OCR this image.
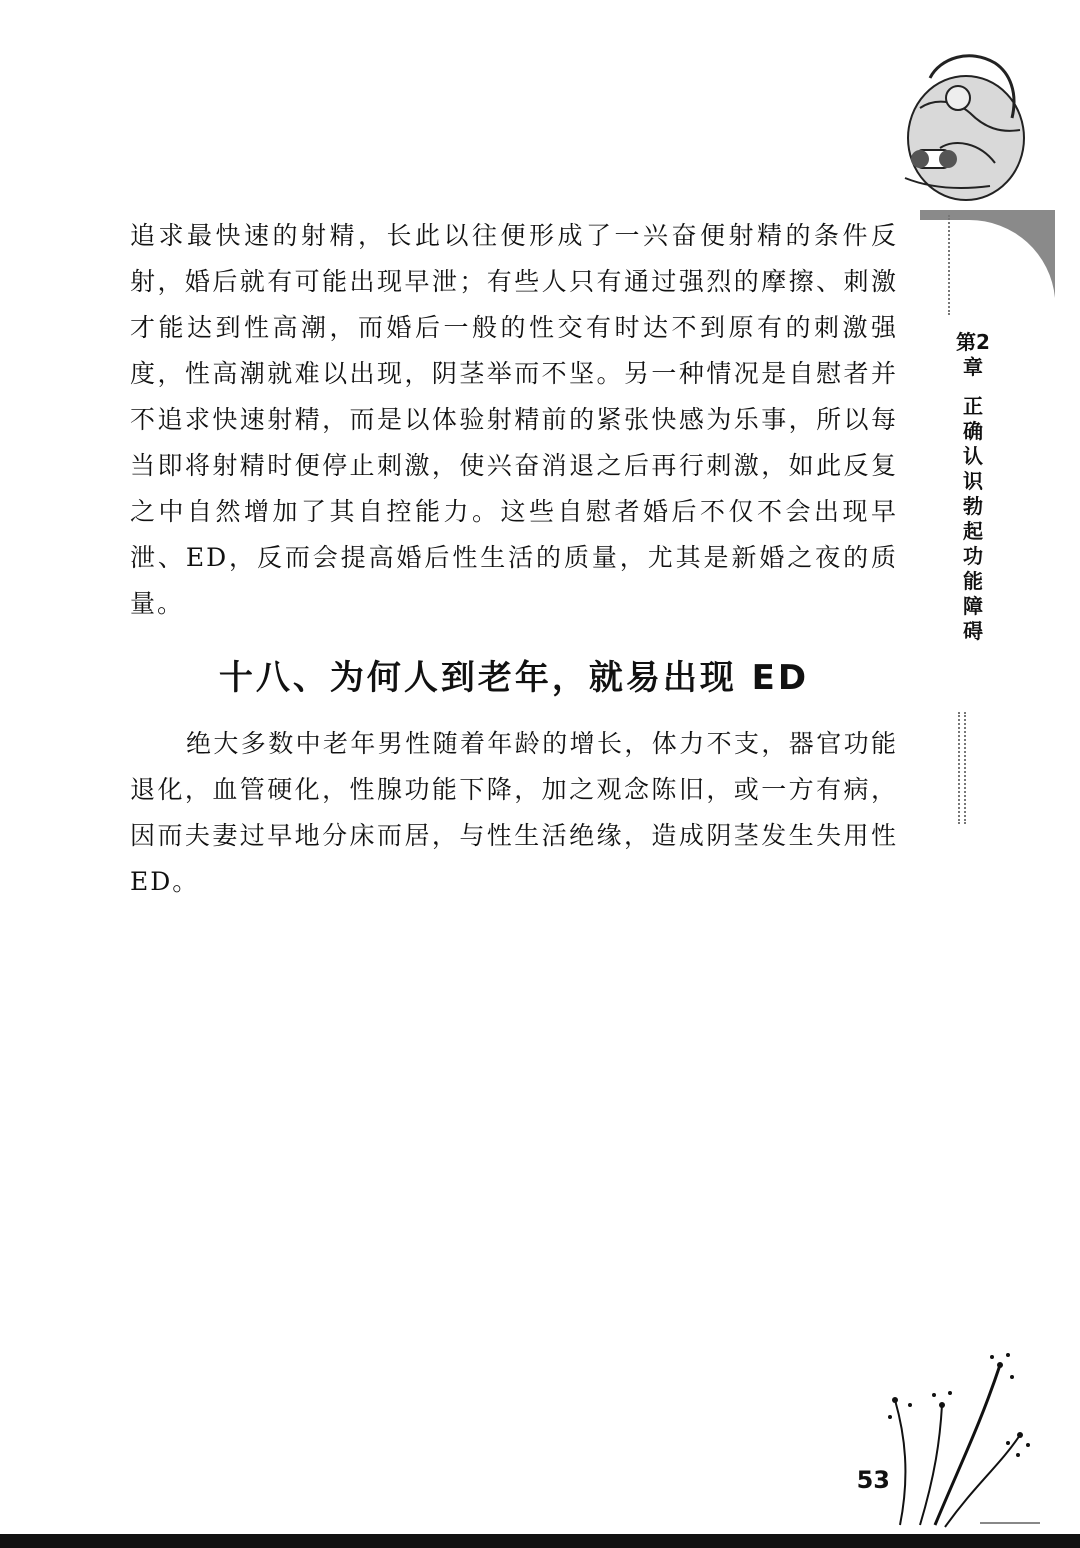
第2章
正确认识勃起功能障碍

追求最快速的射精，长此以往便形成了一兴奋便射精的条件反射，婚后就有可能出现早泄；有些人只有通过强烈的摩擦、刺激才能达到性高潮，而婚后一般的性交有时达不到原有的刺激强度，性高潮就难以出现，阴茎举而不坚。另一种情况是自慰者并不追求快速射精，而是以体验射精前的紧张快感为乐事，所以每当即将射精时便停止刺激，使兴奋消退之后再行刺激，如此反复之中自然增加了其自控能力。这些自慰者婚后不仅不会出现早泄、ED，反而会提高婚后性生活的质量，尤其是新婚之夜的质量。

十八、为何人到老年，就易出现 ED

绝大多数中老年男性随着年龄的增长，体力不支，器官功能退化，血管硬化，性腺功能下降，加之观念陈旧，或一方有病，因而夫妻过早地分床而居，与性生活绝缘，造成阴茎发生失用性ED。

53
